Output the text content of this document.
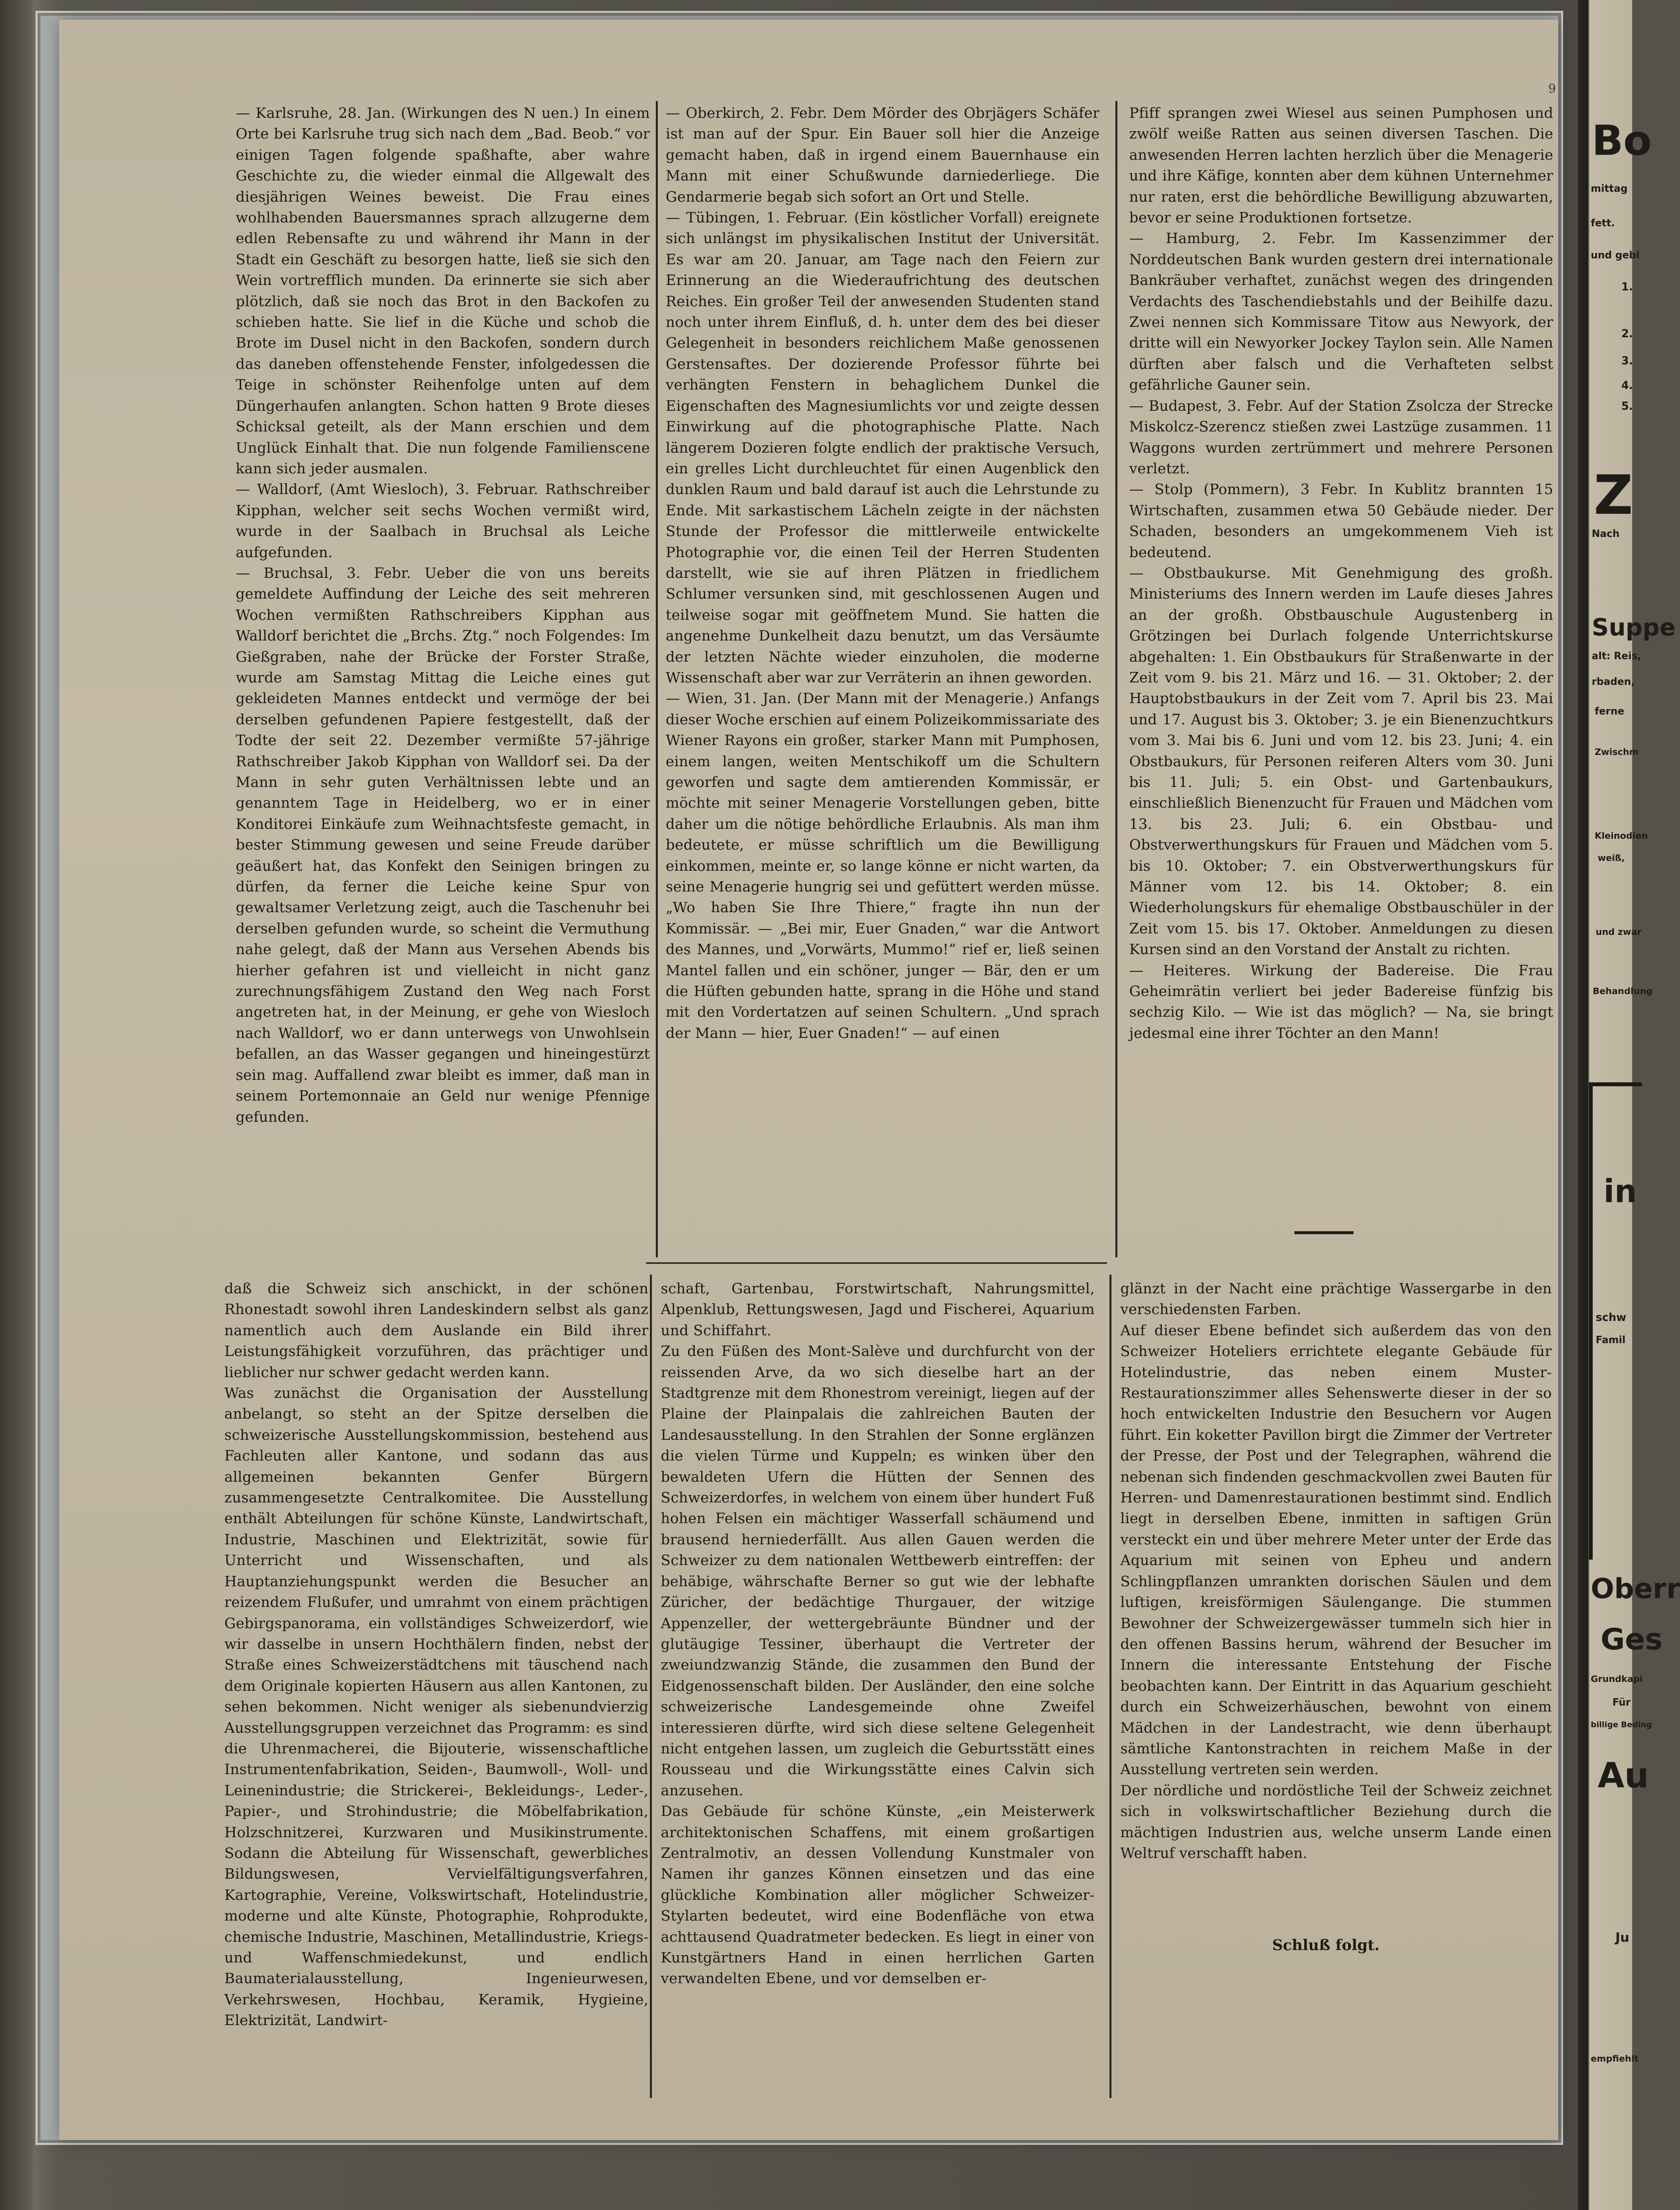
9
— Karlsruhe, 28. Jan. (Wirkungen des N uen.) In einem Orte bei Karlsruhe trug sich nach dem „Bad. Beob.“ vor einigen Tagen folgende spaßhafte, aber wahre Geschichte zu, die wieder einmal die Allgewalt des diesjährigen Weines beweist. Die Frau eines wohlhabenden Bauersmannes sprach allzugerne dem edlen Rebensafte zu und während ihr Mann in der Stadt ein Geschäft zu besorgen hatte, ließ sie sich den Wein vortrefflich munden. Da erinnerte sie sich aber plötzlich, daß sie noch das Brot in den Backofen zu schieben hatte. Sie lief in die Küche und schob die Brote im Dusel nicht in den Backofen, sondern durch das daneben offenstehende Fenster, infolgedessen die Teige in schönster Reihenfolge unten auf dem Düngerhaufen anlangten. Schon hatten 9 Brote dieses Schicksal geteilt, als der Mann erschien und dem Unglück Einhalt that. Die nun folgende Familienscene kann sich jeder ausmalen.
— Walldorf, (Amt Wiesloch), 3. Februar. Rathschreiber Kipphan, welcher seit sechs Wochen vermißt wird, wurde in der Saalbach in Bruchsal als Leiche aufgefunden.
— Bruchsal, 3. Febr. Ueber die von uns bereits gemeldete Auffindung der Leiche des seit mehreren Wochen vermißten Rathschreibers Kipphan aus Walldorf berichtet die „Brchs. Ztg.“ noch Folgendes: Im Gießgraben, nahe der Brücke der Forster Straße, wurde am Samstag Mittag die Leiche eines gut gekleideten Mannes entdeckt und vermöge der bei derselben gefundenen Papiere festgestellt, daß der Todte der seit 22. Dezember vermißte 57-jährige Rathschreiber Jakob Kipphan von Walldorf sei. Da der Mann in sehr guten Verhältnissen lebte und an genanntem Tage in Heidelberg, wo er in einer Konditorei Einkäufe zum Weihnachtsfeste gemacht, in bester Stimmung gewesen und seine Freude darüber geäußert hat, das Konfekt den Seinigen bringen zu dürfen, da ferner die Leiche keine Spur von gewaltsamer Verletzung zeigt, auch die Taschenuhr bei derselben gefunden wurde, so scheint die Vermuthung nahe gelegt, daß der Mann aus Versehen Abends bis hierher gefahren ist und vielleicht in nicht ganz zurechnungsfähigem Zustand den Weg nach Forst angetreten hat, in der Meinung, er gehe von Wiesloch nach Walldorf, wo er dann unterwegs von Unwohlsein befallen, an das Wasser gegangen und hineingestürzt sein mag. Auffallend zwar bleibt es immer, daß man in seinem Portemonnaie an Geld nur wenige Pfennige gefunden.
— Oberkirch, 2. Febr. Dem Mörder des Obrjägers Schäfer ist man auf der Spur. Ein Bauer soll hier die Anzeige gemacht haben, daß in irgend einem Bauernhause ein Mann mit einer Schußwunde darniederliege. Die Gendarmerie begab sich sofort an Ort und Stelle.
— Tübingen, 1. Februar. (Ein köstlicher Vorfall) ereignete sich unlängst im physikalischen Institut der Universität. Es war am 20. Januar, am Tage nach den Feiern zur Erinnerung an die Wiederaufrichtung des deutschen Reiches. Ein großer Teil der anwesenden Studenten stand noch unter ihrem Einfluß, d. h. unter dem des bei dieser Gelegenheit in besonders reichlichem Maße genossenen Gerstensaftes. Der dozierende Professor führte bei verhängten Fenstern in behaglichem Dunkel die Eigenschaften des Magnesiumlichts vor und zeigte dessen Einwirkung auf die photographische Platte. Nach längerem Dozieren folgte endlich der praktische Versuch, ein grelles Licht durchleuchtet für einen Augenblick den dunklen Raum und bald darauf ist auch die Lehrstunde zu Ende. Mit sarkastischem Lächeln zeigte in der nächsten Stunde der Professor die mittlerweile entwickelte Photographie vor, die einen Teil der Herren Studenten darstellt, wie sie auf ihren Plätzen in friedlichem Schlumer versunken sind, mit geschlossenen Augen und teilweise sogar mit geöffnetem Mund. Sie hatten die angenehme Dunkelheit dazu benutzt, um das Versäumte der letzten Nächte wieder einzuholen, die moderne Wissenschaft aber war zur Verräterin an ihnen geworden.
— Wien, 31. Jan. (Der Mann mit der Menagerie.) Anfangs dieser Woche erschien auf einem Polizeikommissariate des Wiener Rayons ein großer, starker Mann mit Pumphosen, einem langen, weiten Mentschikoff um die Schultern geworfen und sagte dem amtierenden Kommissär, er möchte mit seiner Menagerie Vorstellungen geben, bitte daher um die nötige behördliche Erlaubnis. Als man ihm bedeutete, er müsse schriftlich um die Bewilligung einkommen, meinte er, so lange könne er nicht warten, da seine Menagerie hungrig sei und gefüttert werden müsse. „Wo haben Sie Ihre Thiere,“ fragte ihn nun der Kommissär. — „Bei mir, Euer Gnaden,“ war die Antwort des Mannes, und „Vorwärts, Mummo!“ rief er, ließ seinen Mantel fallen und ein schöner, junger — Bär, den er um die Hüften gebunden hatte, sprang in die Höhe und stand mit den Vordertatzen auf seinen Schultern. „Und sprach der Mann — hier, Euer Gnaden!“ — auf einen
Pfiff sprangen zwei Wiesel aus seinen Pumphosen und zwölf weiße Ratten aus seinen diversen Taschen. Die anwesenden Herren lachten herzlich über die Menagerie und ihre Käfige, konnten aber dem kühnen Unternehmer nur raten, erst die behördliche Bewilligung abzuwarten, bevor er seine Produktionen fortsetze.
— Hamburg, 2. Febr. Im Kassenzimmer der Norddeutschen Bank wurden gestern drei internationale Bankräuber verhaftet, zunächst wegen des dringenden Verdachts des Taschendiebstahls und der Beihilfe dazu. Zwei nennen sich Kommissare Titow aus Newyork, der dritte will ein Newyorker Jockey Taylon sein. Alle Namen dürften aber falsch und die Verhafteten selbst gefährliche Gauner sein.
— Budapest, 3. Febr. Auf der Station Zsolcza der Strecke Miskolcz-Szerencz stießen zwei Lastzüge zusammen. 11 Waggons wurden zertrümmert und mehrere Personen verletzt.
— Stolp (Pommern), 3 Febr. In Kublitz brannten 15 Wirtschaften, zusammen etwa 50 Gebäude nieder. Der Schaden, besonders an umgekommenem Vieh ist bedeutend.
— Obstbaukurse. Mit Genehmigung des großh. Ministeriums des Innern werden im Laufe dieses Jahres an der großh. Obstbauschule Augustenberg in Grötzingen bei Durlach folgende Unterrichtskurse abgehalten: 1. Ein Obstbaukurs für Straßenwarte in der Zeit vom 9. bis 21. März und 16. — 31. Oktober; 2. der Hauptobstbaukurs in der Zeit vom 7. April bis 23. Mai und 17. August bis 3. Oktober; 3. je ein Bienenzuchtkurs vom 3. Mai bis 6. Juni und vom 12. bis 23. Juni; 4. ein Obstbaukurs, für Personen reiferen Alters vom 30. Juni bis 11. Juli; 5. ein Obst- und Gartenbaukurs, einschließlich Bienenzucht für Frauen und Mädchen vom 13. bis 23. Juli; 6. ein Obstbau- und Obstverwerthungskurs für Frauen und Mädchen vom 5. bis 10. Oktober; 7. ein Obstverwerthungskurs für Männer vom 12. bis 14. Oktober; 8. ein Wiederholungskurs für ehemalige Obstbauschüler in der Zeit vom 15. bis 17. Oktober. Anmeldungen zu diesen Kursen sind an den Vorstand der Anstalt zu richten.
— Heiteres. Wirkung der Badereise. Die Frau Geheimrätin verliert bei jeder Badereise fünfzig bis sechzig Kilo. — Wie ist das möglich? — Na, sie bringt jedesmal eine ihrer Töchter an den Mann!
daß die Schweiz sich anschickt, in der schönen Rhonestadt sowohl ihren Landeskindern selbst als ganz namentlich auch dem Auslande ein Bild ihrer Leistungsfähigkeit vorzuführen, das prächtiger und lieblicher nur schwer gedacht werden kann.
Was zunächst die Organisation der Ausstellung anbelangt, so steht an der Spitze derselben die schweizerische Ausstellungskommission, bestehend aus Fachleuten aller Kantone, und sodann das aus allgemeinen bekannten Genfer Bürgern zusammengesetzte Centralkomitee. Die Ausstellung enthält Abteilungen für schöne Künste, Landwirtschaft, Industrie, Maschinen und Elektrizität, sowie für Unterricht und Wissenschaften, und als Hauptanziehungspunkt werden die Besucher an reizendem Flußufer, und umrahmt von einem prächtigen Gebirgspanorama, ein vollständiges Schweizerdorf, wie wir dasselbe in unsern Hochthälern finden, nebst der Straße eines Schweizerstädtchens mit täuschend nach dem Originale kopierten Häusern aus allen Kantonen, zu sehen bekommen. Nicht weniger als siebenundvierzig Ausstellungsgruppen verzeichnet das Programm: es sind die Uhrenmacherei, die Bijouterie, wissenschaftliche Instrumentenfabrikation, Seiden-, Baumwoll-, Woll- und Leinenindustrie; die Strickerei-, Bekleidungs-, Leder-, Papier-, und Strohindustrie; die Möbelfabrikation, Holzschnitzerei, Kurzwaren und Musikinstrumente. Sodann die Abteilung für Wissenschaft, gewerbliches Bildungswesen, Vervielfältigungsverfahren, Kartographie, Vereine, Volkswirtschaft, Hotelindustrie, moderne und alte Künste, Photographie, Rohprodukte, chemische Industrie, Maschinen, Metallindustrie, Kriegs- und Waffenschmiedekunst, und endlich Baumaterialausstellung, Ingenieurwesen, Verkehrswesen, Hochbau, Keramik, Hygieine, Elektrizität, Landwirt-
schaft, Gartenbau, Forstwirtschaft, Nahrungsmittel, Alpenklub, Rettungswesen, Jagd und Fischerei, Aquarium und Schiffahrt.
Zu den Füßen des Mont-Salève und durchfurcht von der reissenden Arve, da wo sich dieselbe hart an der Stadtgrenze mit dem Rhonestrom vereinigt, liegen auf der Plaine der Plainpalais die zahlreichen Bauten der Landesausstellung. In den Strahlen der Sonne erglänzen die vielen Türme und Kuppeln; es winken über den bewaldeten Ufern die Hütten der Sennen des Schweizerdorfes, in welchem von einem über hundert Fuß hohen Felsen ein mächtiger Wasserfall schäumend und brausend herniederfällt. Aus allen Gauen werden die Schweizer zu dem nationalen Wettbewerb eintreffen: der behäbige, währschafte Berner so gut wie der lebhafte Züricher, der bedächtige Thurgauer, der witzige Appenzeller, der wettergebräunte Bündner und der glutäugige Tessiner, überhaupt die Vertreter der zweiundzwanzig Stände, die zusammen den Bund der Eidgenossenschaft bilden. Der Ausländer, den eine solche schweizerische Landesgemeinde ohne Zweifel interessieren dürfte, wird sich diese seltene Gelegenheit nicht entgehen lassen, um zugleich die Geburtsstätt eines Rousseau und die Wirkungsstätte eines Calvin sich anzusehen.
Das Gebäude für schöne Künste, „ein Meisterwerk architektonischen Schaffens, mit einem großartigen Zentralmotiv, an dessen Vollendung Kunstmaler von Namen ihr ganzes Können einsetzen und das eine glückliche Kombination aller möglicher Schweizer-Stylarten bedeutet, wird eine Bodenfläche von etwa achttausend Quadratmeter bedecken. Es liegt in einer von Kunstgärtners Hand in einen herrlichen Garten verwandelten Ebene, und vor demselben er-
glänzt in der Nacht eine prächtige Wassergarbe in den verschiedensten Farben.
Auf dieser Ebene befindet sich außerdem das von den Schweizer Hoteliers errichtete elegante Gebäude für Hotelindustrie, das neben einem Muster-Restaurationszimmer alles Sehenswerte dieser in der so hoch entwickelten Industrie den Besuchern vor Augen führt. Ein koketter Pavillon birgt die Zimmer der Vertreter der Presse, der Post und der Telegraphen, während die nebenan sich findenden geschmackvollen zwei Bauten für Herren- und Damenrestaurationen bestimmt sind. Endlich liegt in derselben Ebene, inmitten in saftigen Grün versteckt ein und über mehrere Meter unter der Erde das Aquarium mit seinen von Epheu und andern Schlingpflanzen umrankten dorischen Säulen und dem luftigen, kreisförmigen Säulengange. Die stummen Bewohner der Schweizergewässer tummeln sich hier in den offenen Bassins herum, während der Besucher im Innern die interessante Entstehung der Fische beobachten kann. Der Eintritt in das Aquarium geschieht durch ein Schweizerhäuschen, bewohnt von einem Mädchen in der Landestracht, wie denn überhaupt sämtliche Kantonstrachten in reichem Maße in der Ausstellung vertreten sein werden.
Der nördliche und nordöstliche Teil der Schweiz zeichnet sich in volkswirtschaftlicher Beziehung durch die mächtigen Industrien aus, welche unserm Lande einen Weltruf verschafft haben.
Schluß folgt.
Bo
mittag
fett.
und gebl
1.
2.
3.
4.
5.
Z
Nach
Suppe
alt: Reis,
rbaden,
ferne
Zwischm
Kleinodien
weiß,
und zwar
Behandlung
in
schw
Famil
Oberr
Ges
Grundkapi
Für
billige Beding
Au
Ju
empfiehlt
